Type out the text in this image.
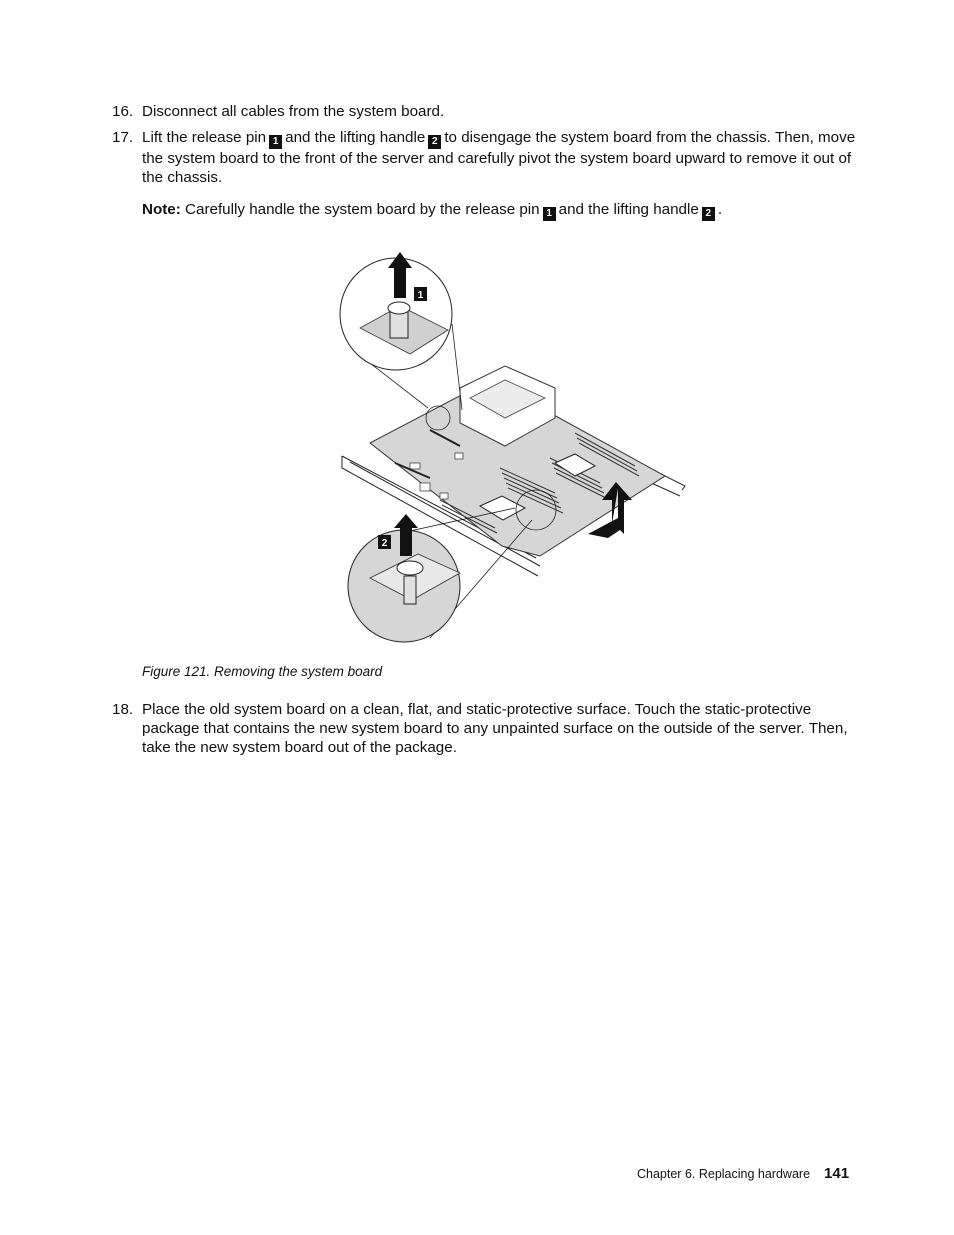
16. Disconnect all cables from the system board.
17. Lift the release pin 1 and the lifting handle 2 to disengage the system board from the chassis. Then, move the system board to the front of the server and carefully pivot the system board upward to remove it out of the chassis.
Note: Carefully handle the system board by the release pin 1 and the lifting handle 2 .
1
2
Figure 121. Removing the system board
18. Place the old system board on a clean, flat, and static-protective surface. Touch the static-protective package that contains the new system board to any unpainted surface on the outside of the server. Then, take the new system board out of the package.
Chapter 6. Replacing hardware 141
